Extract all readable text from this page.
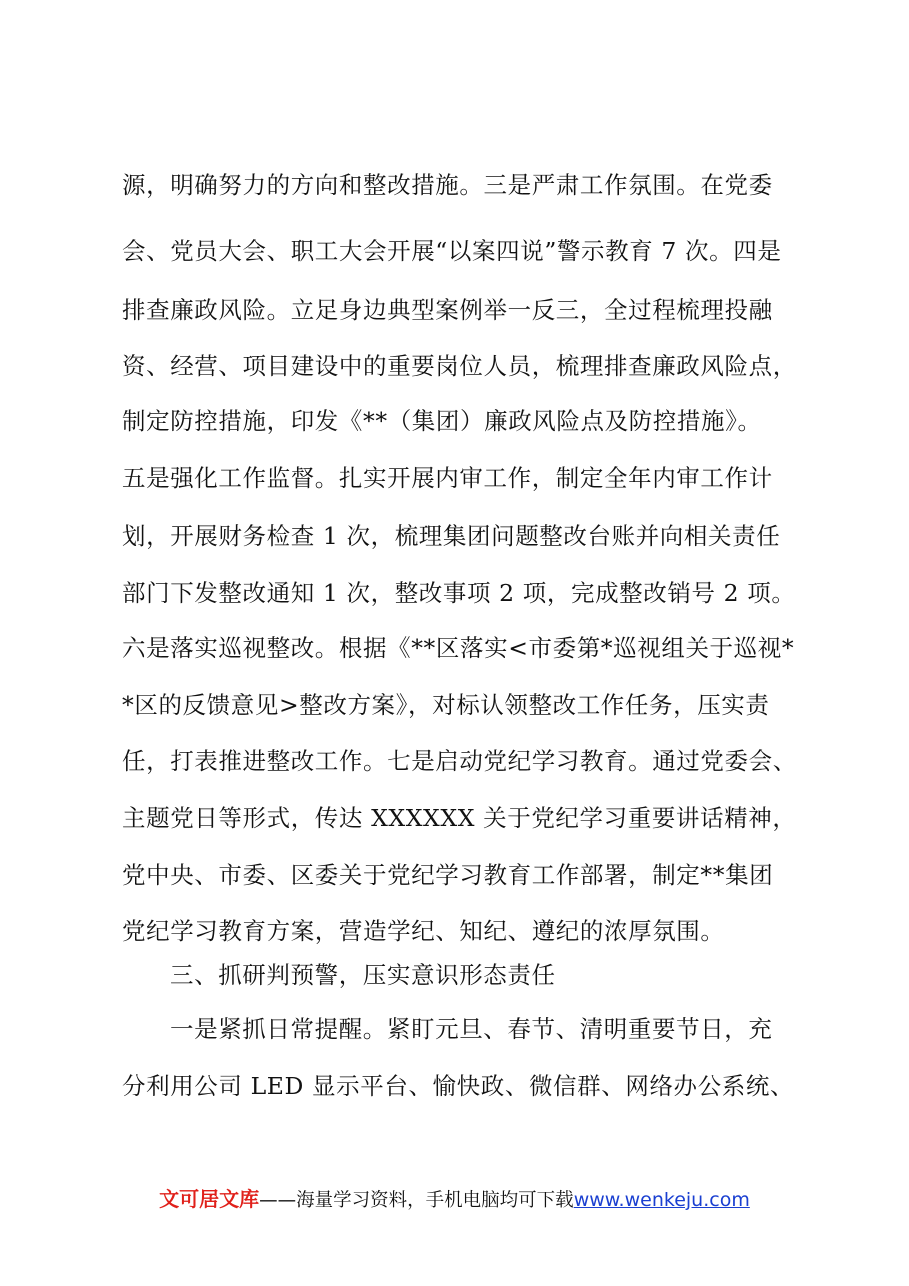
源，明确努力的方向和整改措施。三是严肃工作氛围。在党委
会、党员大会、职工大会开展“以案四说”警示教育 7 次。四是
排查廉政风险。立足身边典型案例举一反三，全过程梳理投融
资、经营、项目建设中的重要岗位人员，梳理排查廉政风险点，
制定防控措施，印发《**（集团）廉政风险点及防控措施》。
五是强化工作监督。扎实开展内审工作，制定全年内审工作计
划，开展财务检查 1 次，梳理集团问题整改台账并向相关责任
部门下发整改通知 1 次，整改事项 2 项，完成整改销号 2 项。
六是落实巡视整改。根据《**区落实<市委第*巡视组关于巡视*
*区的反馈意见>整改方案》，对标认领整改工作任务，压实责
任，打表推进整改工作。七是启动党纪学习教育。通过党委会、
主题党日等形式，传达 XXXXXX 关于党纪学习重要讲话精神，
党中央、市委、区委关于党纪学习教育工作部署，制定**集团
党纪学习教育方案，营造学纪、知纪、遵纪的浓厚氛围。
三、抓研判预警，压实意识形态责任
一是紧抓日常提醒。紧盯元旦、春节、清明重要节日，充
分利用公司 LED 显示平台、愉快政、微信群、网络办公系统、
文可居文库——海量学习资料，手机电脑均可下载www.wenkeju.com
